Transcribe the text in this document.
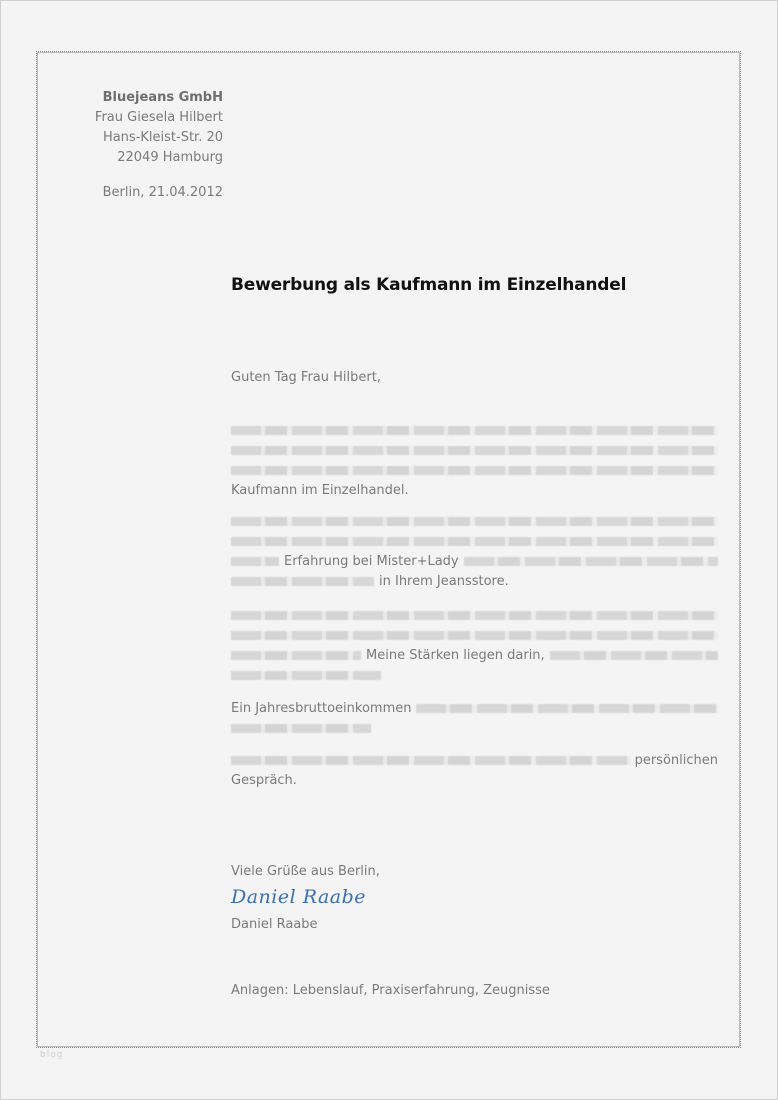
Bluejeans GmbH
Frau Giesela Hilbert
Hans-Kleist-Str. 20
22049 Hamburg
Berlin, 21.04.2012
Bewerbung als Kaufmann im Einzelhandel
Guten Tag Frau Hilbert,
Kaufmann im Einzelhandel.
Erfahrung bei Mister+Lady
in Ihrem Jeansstore.
Meine Stärken liegen darin,
Ein Jahresbruttoeinkommen
persönlichen
Gespräch.
Viele Grüße aus Berlin,
Daniel Raabe
Daniel Raabe
Anlagen: Lebenslauf, Praxiserfahrung, Zeugnisse
blog
